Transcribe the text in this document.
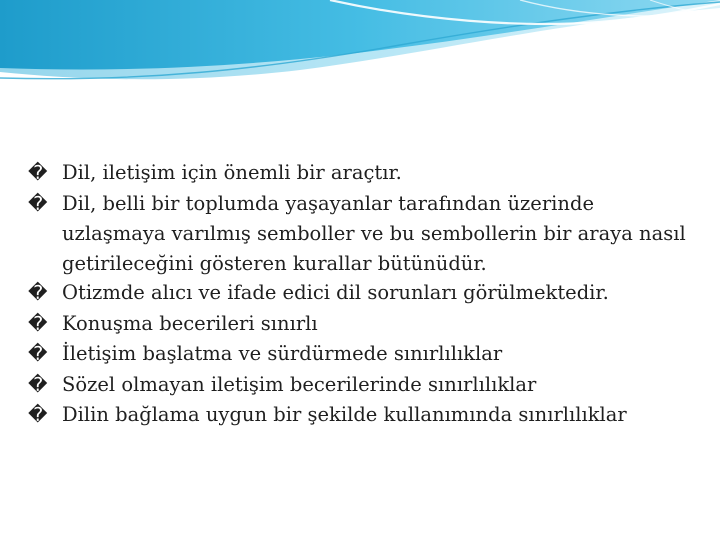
� Dil, iletişim için önemli bir araçtır.

� Dil, belli bir toplumda yaşayanlar tarafından üzerinde uzlaşmaya varılmış semboller ve bu sembollerin bir araya nasıl getirileceğini gösteren kurallar bütünüdür.

� Otizmde alıcı ve ifade edici dil sorunları görülmektedir.

� Konuşma becerileri sınırlı

� İletişim başlatma ve sürdürmede sınırlılıklar

� Sözel olmayan iletişim becerilerinde sınırlılıklar

� Dilin bağlama uygun bir şekilde kullanımında sınırlılıklar
